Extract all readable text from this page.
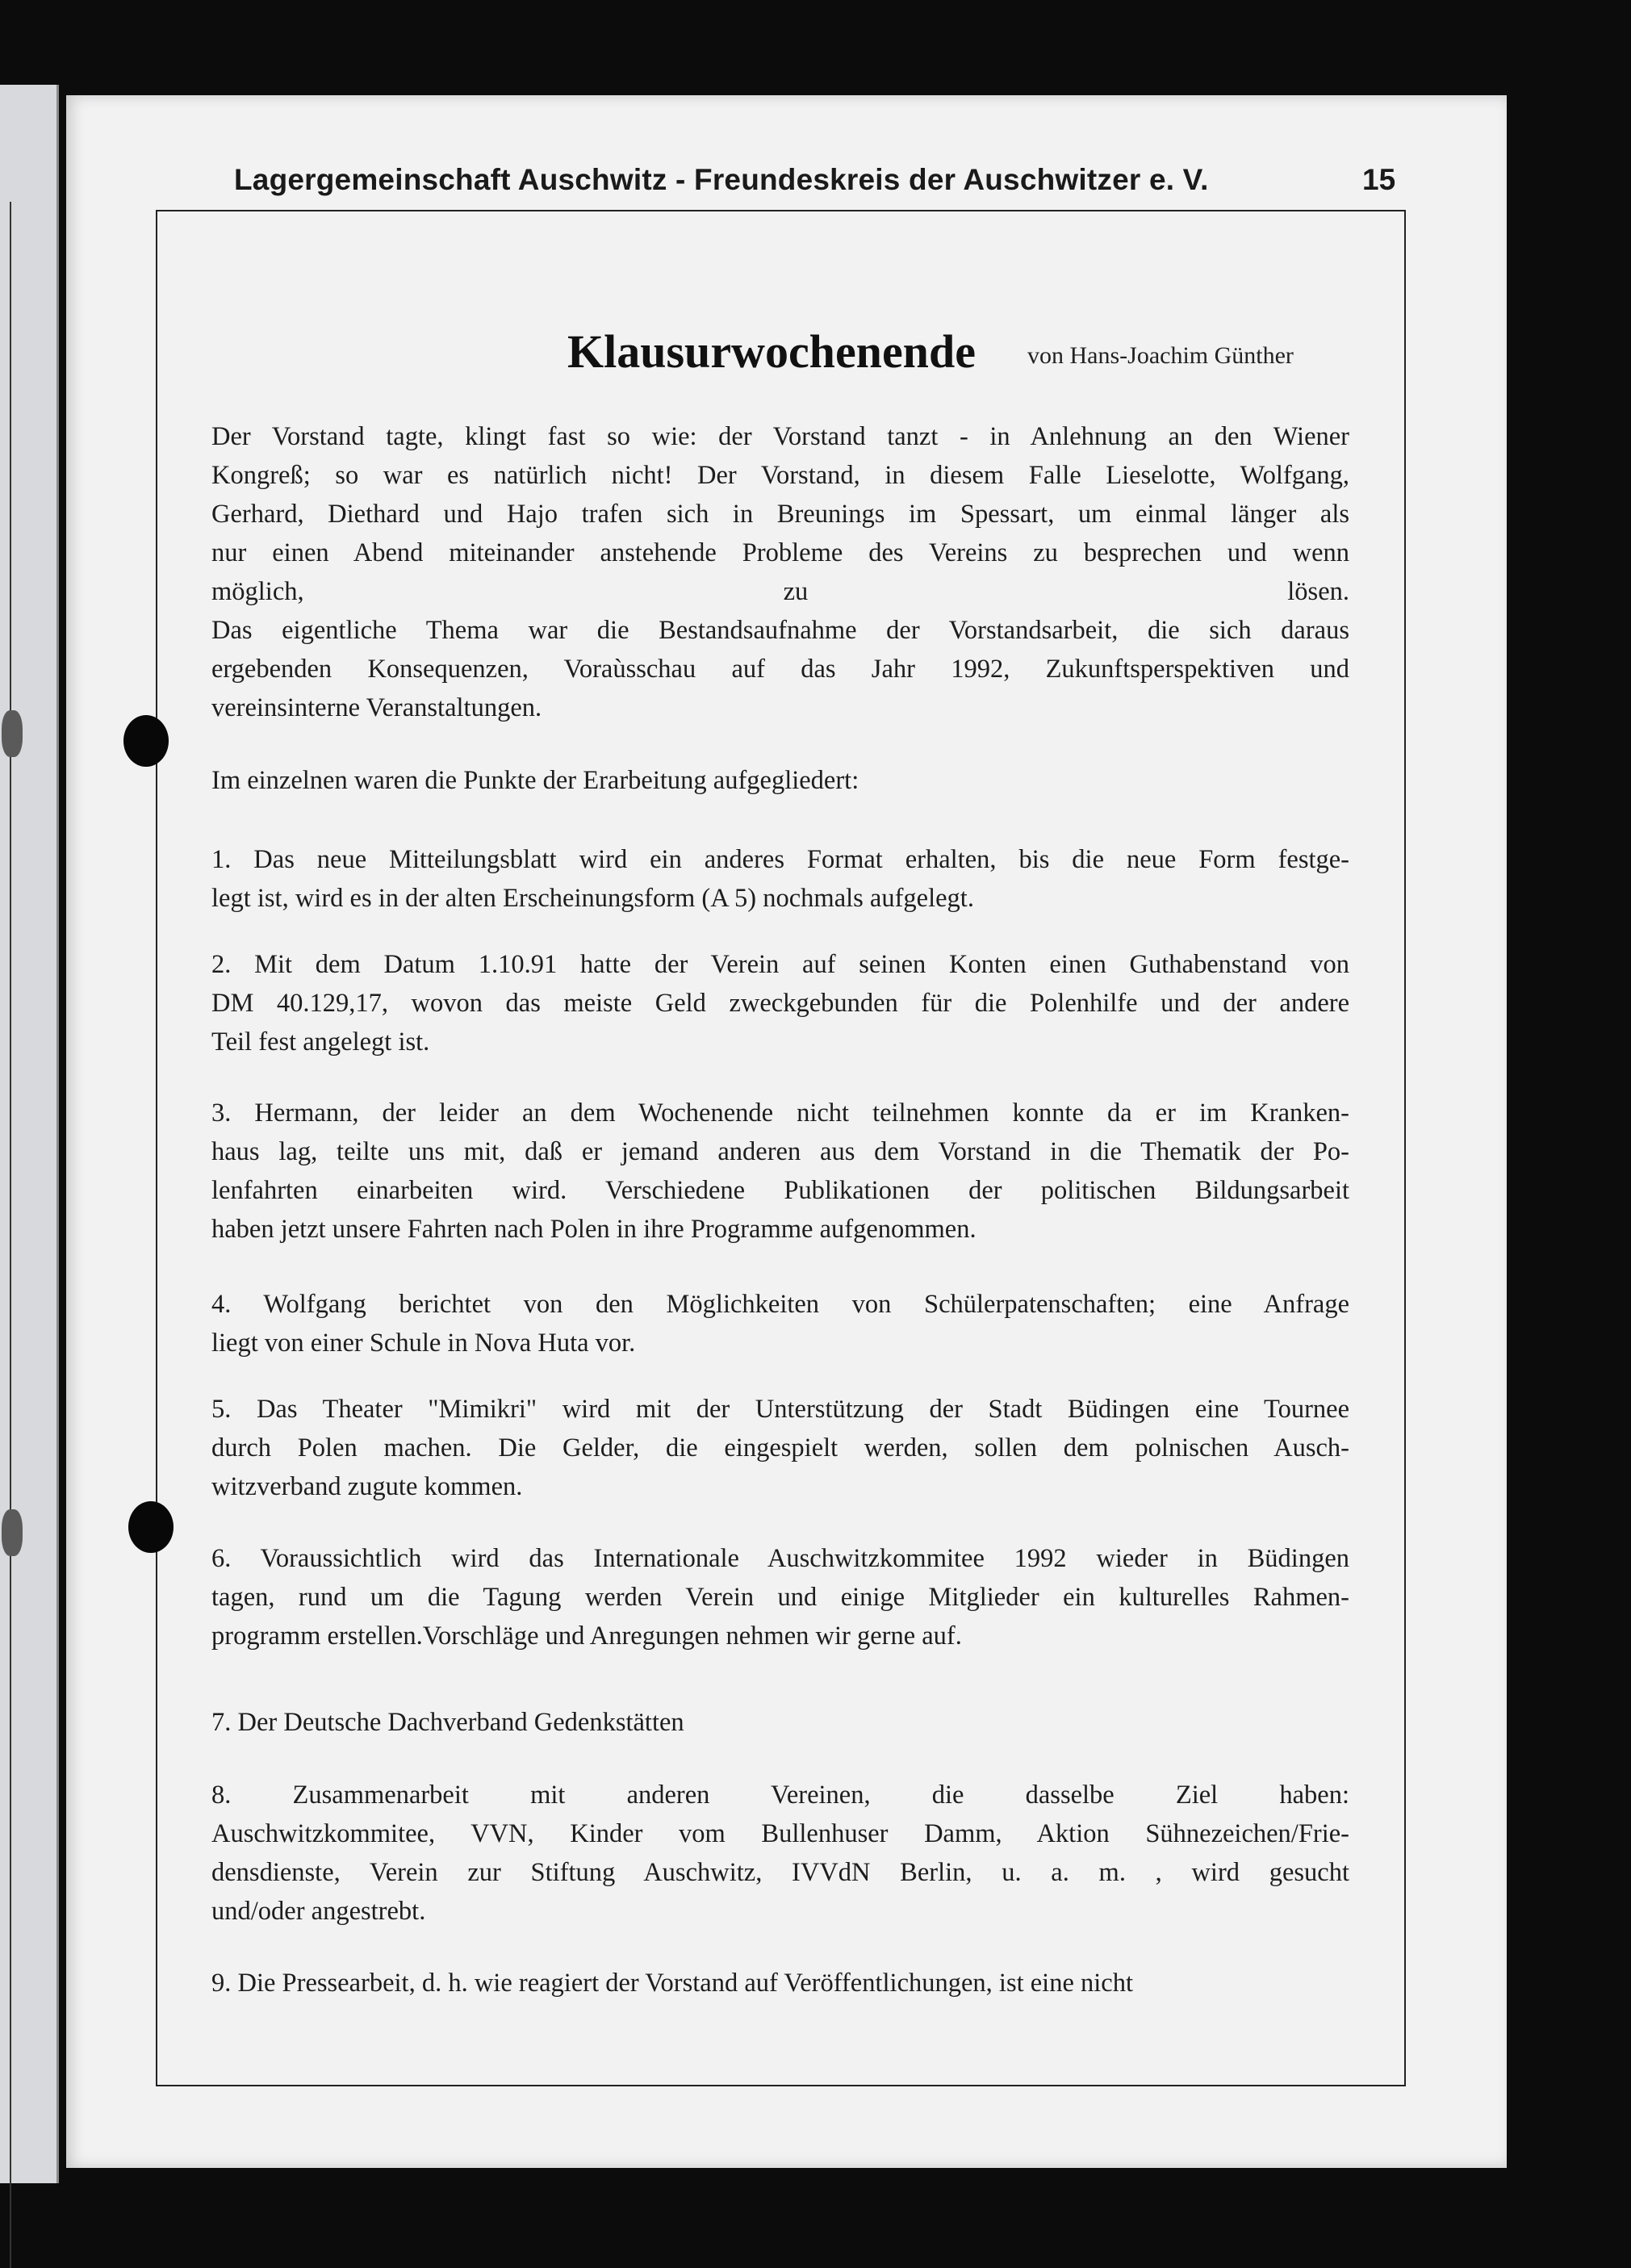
Lagergemeinschaft Auschwitz - Freundeskreis der Auschwitzer e. V.	15
Klausurwochenende von Hans-Joachim Günther
Der Vorstand tagte, klingt fast so wie: der Vorstand tanzt - in Anlehnung an den Wiener
Kongreß; so war es natürlich nicht! Der Vorstand, in diesem Falle Lieselotte, Wolfgang,
Gerhard, Diethard und Hajo trafen sich in Breunings im Spessart, um einmal länger als
nur einen Abend miteinander anstehende Probleme des Vereins zu besprechen und wenn
möglich, zu lösen.
Das eigentliche Thema war die Bestandsaufnahme der Vorstandsarbeit, die sich daraus
ergebenden Konsequenzen, Voraùsschau auf das Jahr 1992, Zukunftsperspektiven und
vereinsinterne Veranstaltungen.
Im einzelnen waren die Punkte der Erarbeitung aufgegliedert:
1. Das neue Mitteilungsblatt wird ein anderes Format erhalten, bis die neue Form festge-
legt ist, wird es in der alten Erscheinungsform (A 5) nochmals aufgelegt.
2. Mit dem Datum 1.10.91 hatte der Verein auf seinen Konten einen Guthabenstand von
DM 40.129,17, wovon das meiste Geld zweckgebunden für die Polenhilfe und der andere
Teil fest angelegt ist.
3. Hermann, der leider an dem Wochenende nicht teilnehmen konnte da er im Kranken-
haus lag, teilte uns mit, daß er jemand anderen aus dem Vorstand in die Thematik der Po-
lenfahrten einarbeiten wird. Verschiedene Publikationen der politischen Bildungsarbeit
haben jetzt unsere Fahrten nach Polen in ihre Programme aufgenommen.
4. Wolfgang berichtet von den Möglichkeiten von Schülerpatenschaften; eine Anfrage
liegt von einer Schule in Nova Huta vor.
5. Das Theater "Mimikri" wird mit der Unterstützung der Stadt Büdingen eine Tournee
durch Polen machen. Die Gelder, die eingespielt werden, sollen dem polnischen Ausch-
witzverband zugute kommen.
6. Voraussichtlich wird das Internationale Auschwitzkommitee 1992 wieder in Büdingen
tagen, rund um die Tagung werden Verein und einige Mitglieder ein kulturelles Rahmen-
programm erstellen.Vorschläge und Anregungen nehmen wir gerne auf.
7. Der Deutsche Dachverband Gedenkstätten
8. Zusammenarbeit mit anderen Vereinen, die dasselbe Ziel haben:
Auschwitzkommitee, VVN, Kinder vom Bullenhuser Damm, Aktion Sühnezeichen/Frie-
densdienste, Verein zur Stiftung Auschwitz, IVVdN Berlin, u. a. m. , wird gesucht
und/oder angestrebt.
9. Die Pressearbeit, d. h. wie reagiert der Vorstand auf Veröffentlichungen, ist eine nicht
